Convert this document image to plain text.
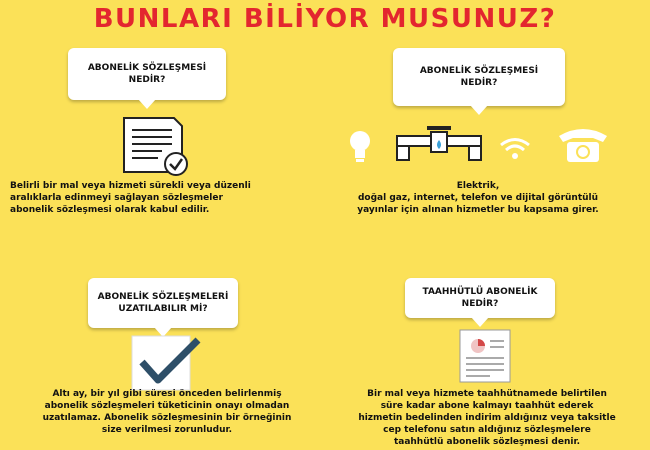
BUNLARI BİLİYOR MUSUNUZ?
ABONELİK SÖZLEŞMESİ
NEDİR?
Belirli bir mal veya hizmeti sürekli veya düzenli
aralıklarla edinmeyi sağlayan sözleşmeler
abonelik sözleşmesi olarak kabul edilir.
ABONELİK SÖZLEŞMESİ
NEDİR?
Elektrik,
doğal gaz, internet, telefon ve dijital görüntülü
yayınlar için alınan hizmetler bu kapsama girer.
ABONELİK SÖZLEŞMELERİ
UZATILABILIR Mİ?
Altı ay, bir yıl gibi süresi önceden belirlenmiş
abonelik sözleşmeleri tüketicinin onayı olmadan
uzatılamaz. Abonelik sözleşmesinin bir örneğinin
size verilmesi zorunludur.
TAAHHÜTLÜ ABONELİK
NEDİR?
Bir mal veya hizmete taahhütnamede belirtilen
süre kadar abone kalmayı taahhüt ederek
hizmetin bedelinden indirim aldığınız veya taksitle
cep telefonu satın aldığınız sözleşmelere
taahhütlü abonelik sözleşmesi denir.
